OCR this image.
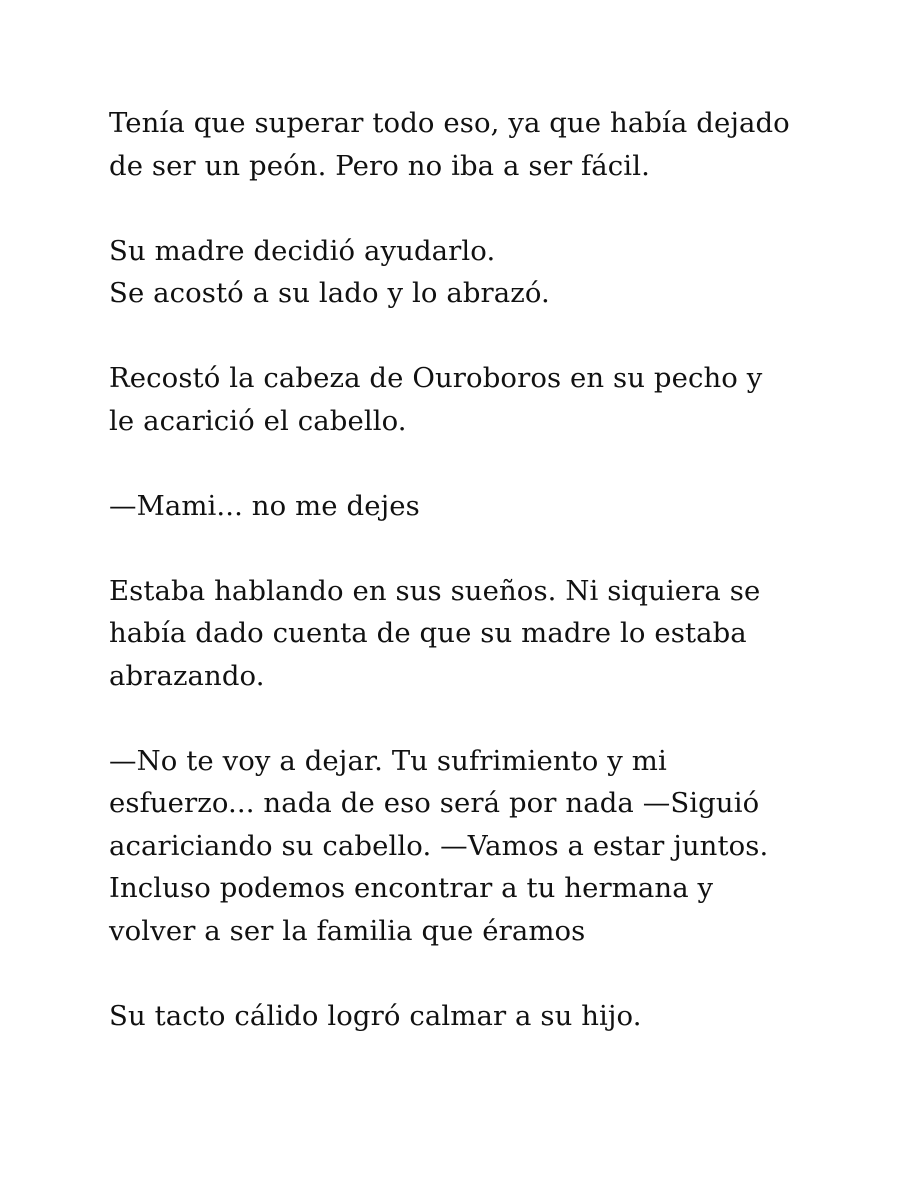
Tenía que superar todo eso, ya que había dejado
de ser un peón. Pero no iba a ser fácil.

Su madre decidió ayudarlo.
Se acostó a su lado y lo abrazó.

Recostó la cabeza de Ouroboros en su pecho y
le acarició el cabello.

—Mami... no me dejes

Estaba hablando en sus sueños. Ni siquiera se
había dado cuenta de que su madre lo estaba
abrazando.

—No te voy a dejar. Tu sufrimiento y mi
esfuerzo... nada de eso será por nada —Siguió
acariciando su cabello. —Vamos a estar juntos.
Incluso podemos encontrar a tu hermana y
volver a ser la familia que éramos

Su tacto cálido logró calmar a su hijo.
